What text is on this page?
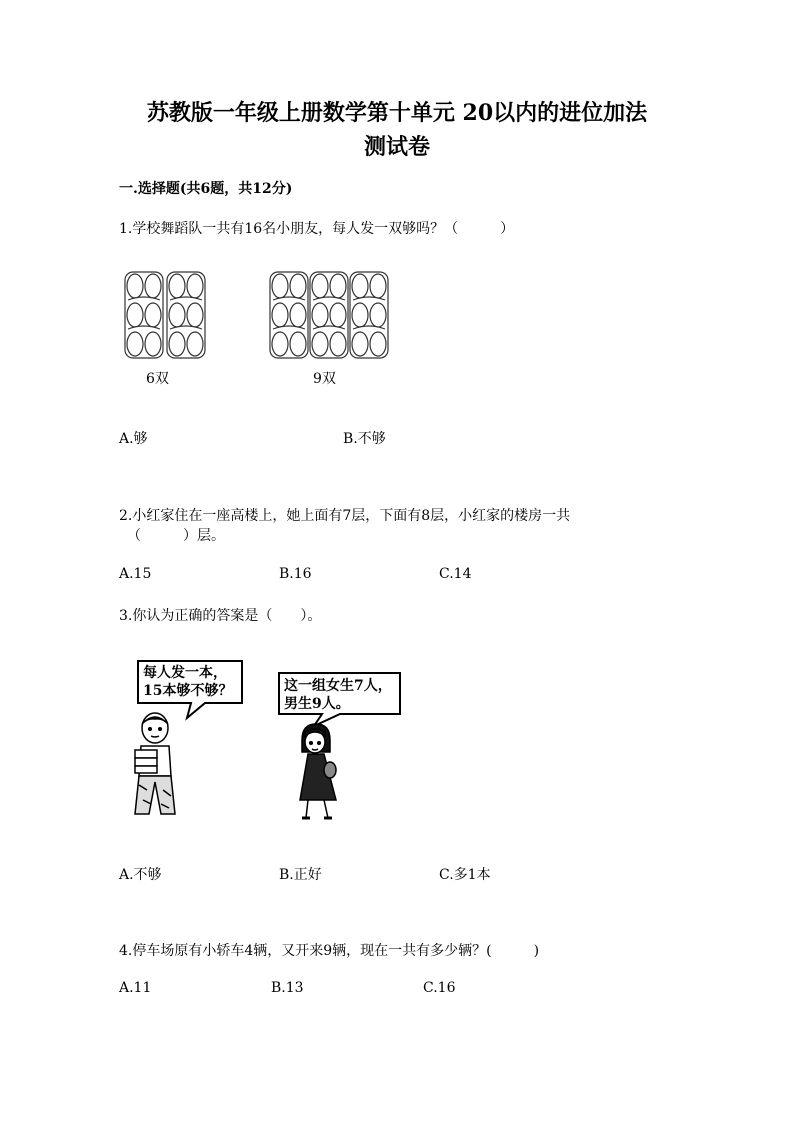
苏教版一年级上册数学第十单元 20以内的进位加法
测试卷
一.选择题(共6题，共12分)
1.学校舞蹈队一共有16名小朋友，每人发一双够吗？（　　　）
6双	9双
A.够	B.不够
2.小红家住在一座高楼上，她上面有7层，下面有8层，小红家的楼房一共
（　　　）层。
A.15	B.16	C.14
3.你认为正确的答案是（　　）。
每人发一本，
15本够不够？	这一组女生7人，
男生9人。
A.不够	B.正好	C.多1本
4.停车场原有小轿车4辆，又开来9辆，现在一共有多少辆？(　　　)
A.11	B.13	C.16
